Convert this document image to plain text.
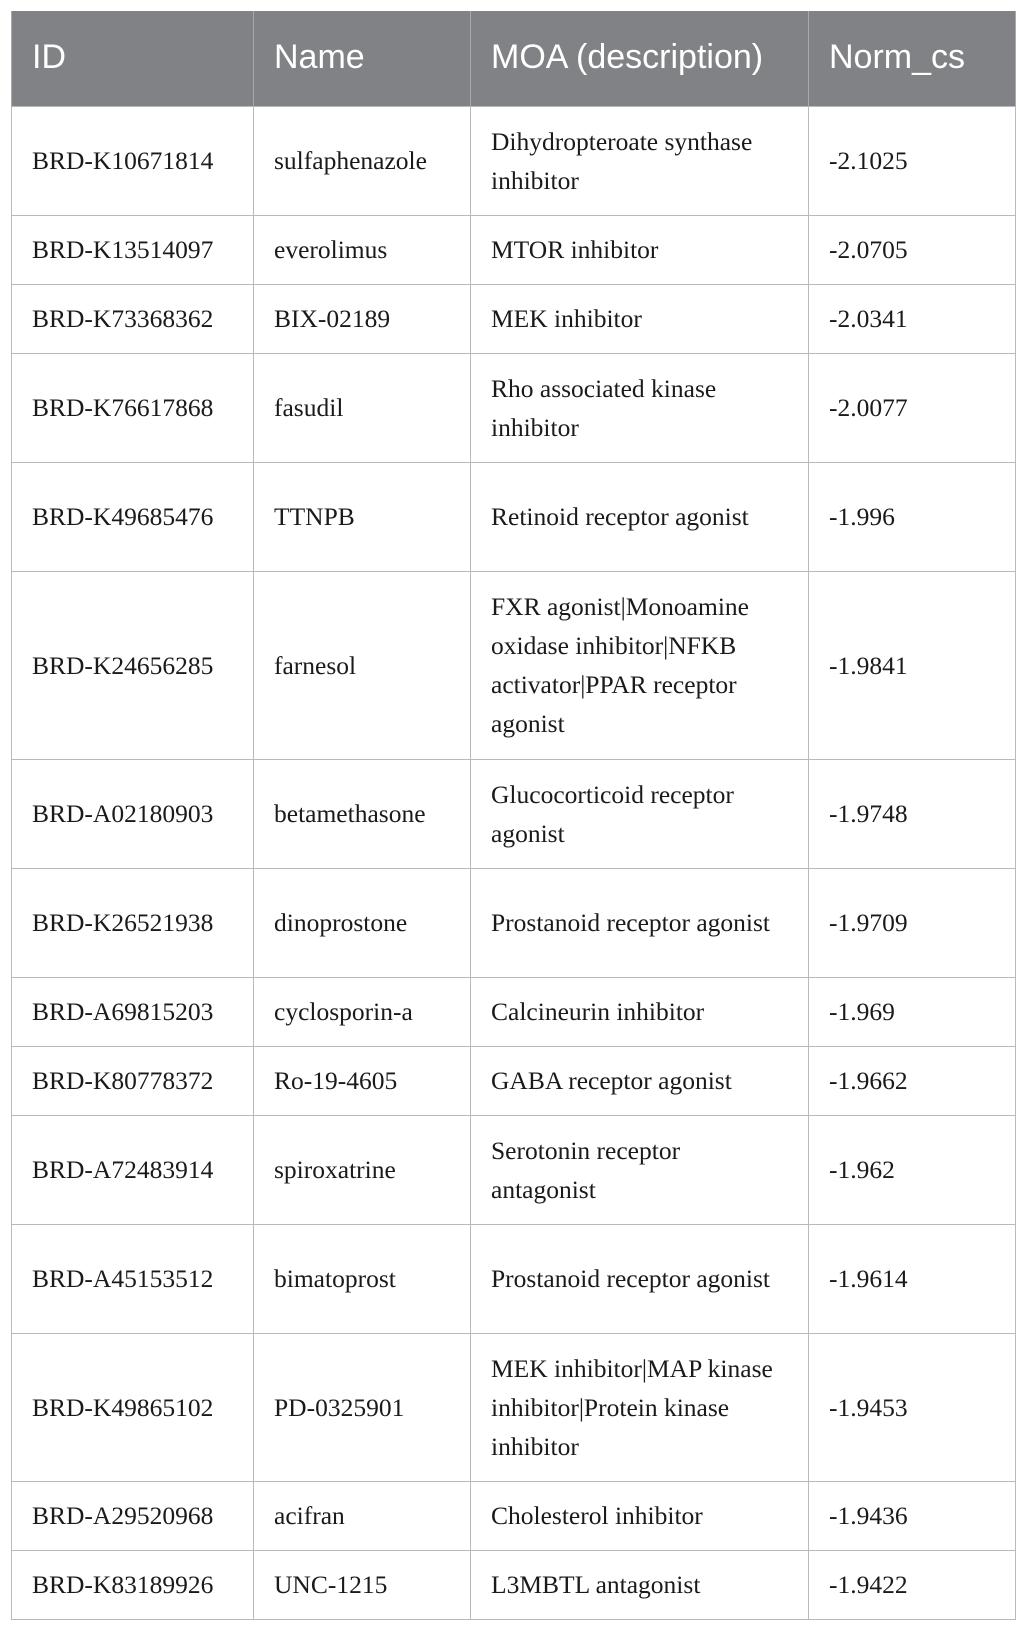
ID	Name	MOA (description)	Norm_cs
BRD-K10671814	sulfaphenazole	Dihydropteroate synthase inhibitor	-2.1025
BRD-K13514097	everolimus	MTOR inhibitor	-2.0705
BRD-K73368362	BIX-02189	MEK inhibitor	-2.0341
BRD-K76617868	fasudil	Rho associated kinase inhibitor	-2.0077
BRD-K49685476	TTNPB	Retinoid receptor agonist	-1.996
BRD-K24656285	farnesol	FXR agonist|Monoamine oxidase inhibitor|NFKB activator|PPAR receptor agonist	-1.9841
BRD-A02180903	betamethasone	Glucocorticoid receptor agonist	-1.9748
BRD-K26521938	dinoprostone	Prostanoid receptor agonist	-1.9709
BRD-A69815203	cyclosporin-a	Calcineurin inhibitor	-1.969
BRD-K80778372	Ro-19-4605	GABA receptor agonist	-1.9662
BRD-A72483914	spiroxatrine	Serotonin receptor antagonist	-1.962
BRD-A45153512	bimatoprost	Prostanoid receptor agonist	-1.9614
BRD-K49865102	PD-0325901	MEK inhibitor|MAP kinase inhibitor|Protein kinase inhibitor	-1.9453
BRD-A29520968	acifran	Cholesterol inhibitor	-1.9436
BRD-K83189926	UNC-1215	L3MBTL antagonist	-1.9422
